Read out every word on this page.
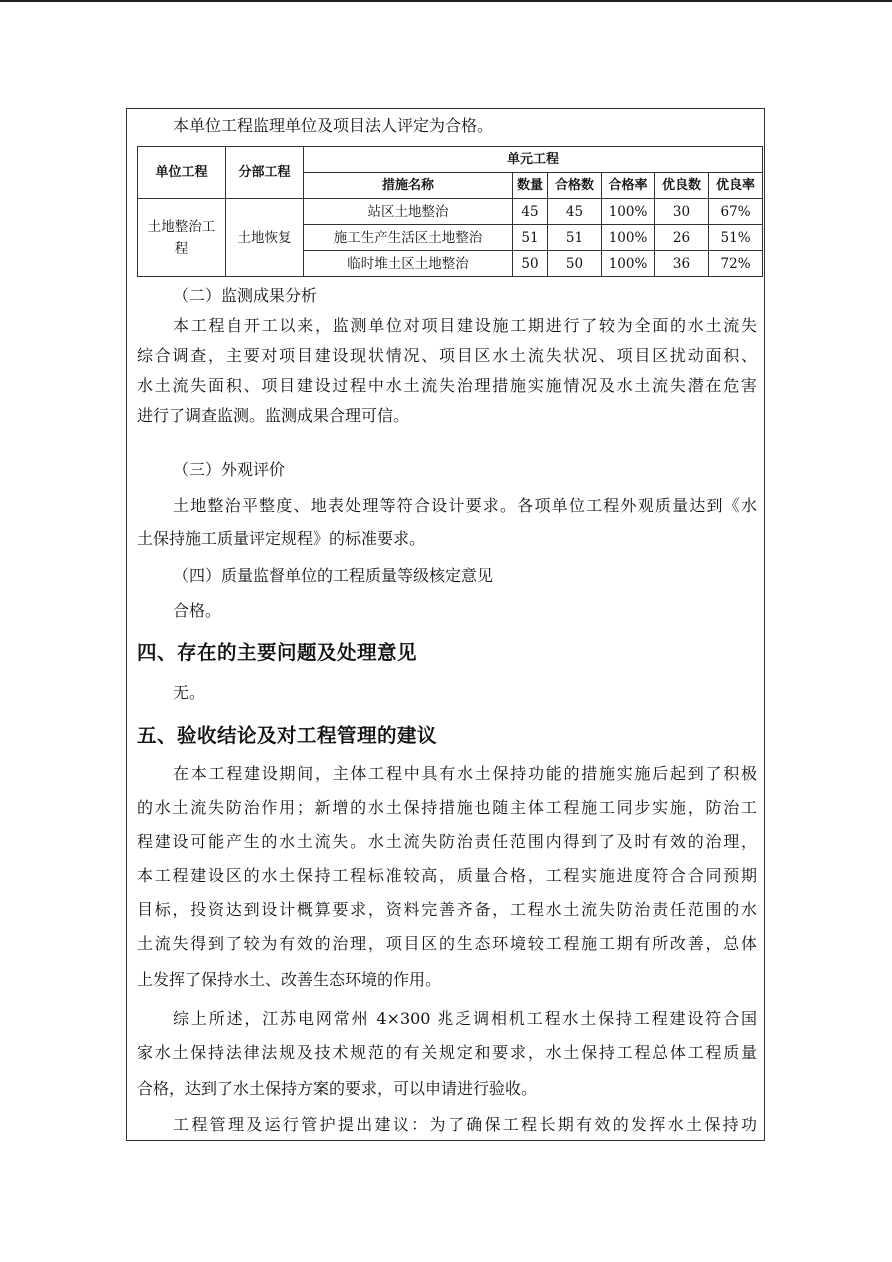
本单位工程监理单位及项目法人评定为合格。

单位工程	分部工程	单元工程					
		措施名称	数量	合格数	合格率	优良数	优良率
土地整治工程	土地恢复	站区土地整治	45	45	100%	30	67%
		施工生产生活区土地整治	51	51	100%	26	51%
		临时堆土区土地整治	50	50	100%	36	72%

（二）监测成果分析

本工程自开工以来，监测单位对项目建设施工期进行了较为全面的水土流失

综合调查，主要对项目建设现状情况、项目区水土流失状况、项目区扰动面积、

水土流失面积、项目建设过程中水土流失治理措施实施情况及水土流失潜在危害

进行了调查监测。监测成果合理可信。

（三）外观评价

土地整治平整度、地表处理等符合设计要求。各项单位工程外观质量达到《水

土保持施工质量评定规程》的标准要求。

（四）质量监督单位的工程质量等级核定意见

合格。

四、存在的主要问题及处理意见

无。

五、验收结论及对工程管理的建议

在本工程建设期间，主体工程中具有水土保持功能的措施实施后起到了积极

的水土流失防治作用；新增的水土保持措施也随主体工程施工同步实施，防治工

程建设可能产生的水土流失。水土流失防治责任范围内得到了及时有效的治理，

本工程建设区的水土保持工程标准较高，质量合格，工程实施进度符合合同预期

目标，投资达到设计概算要求，资料完善齐备，工程水土流失防治责任范围的水

土流失得到了较为有效的治理，项目区的生态环境较工程施工期有所改善，总体

上发挥了保持水土、改善生态环境的作用。

综上所述，江苏电网常州 4×300 兆乏调相机工程水土保持工程建设符合国

家水土保持法律法规及技术规范的有关规定和要求，水土保持工程总体工程质量

合格，达到了水土保持方案的要求，可以申请进行验收。

工程管理及运行管护提出建议：为了确保工程长期有效的发挥水土保持功
